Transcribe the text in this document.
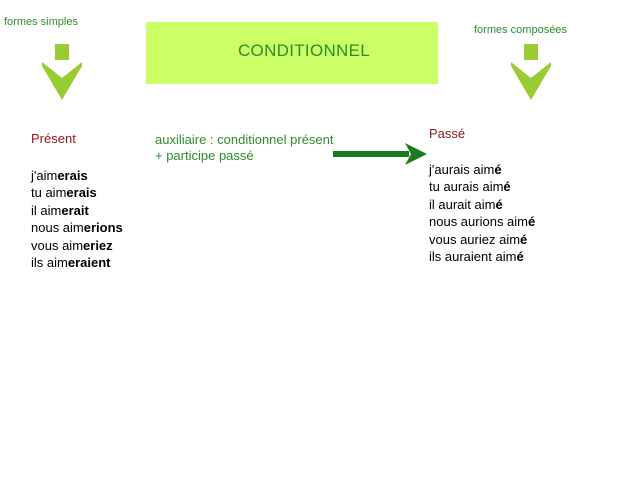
formes simples
formes composées
CONDITIONNEL
Présent
j'aimerais
tu aimerais
il aimerait
nous aimerions
vous aimeriez
ils aimeraient
auxiliaire : conditionnel présent
+ participe passé
Passé
j'aurais aimé
tu aurais aimé
il aurait aimé
nous aurions aimé
vous auriez aimé
ils auraient aimé
